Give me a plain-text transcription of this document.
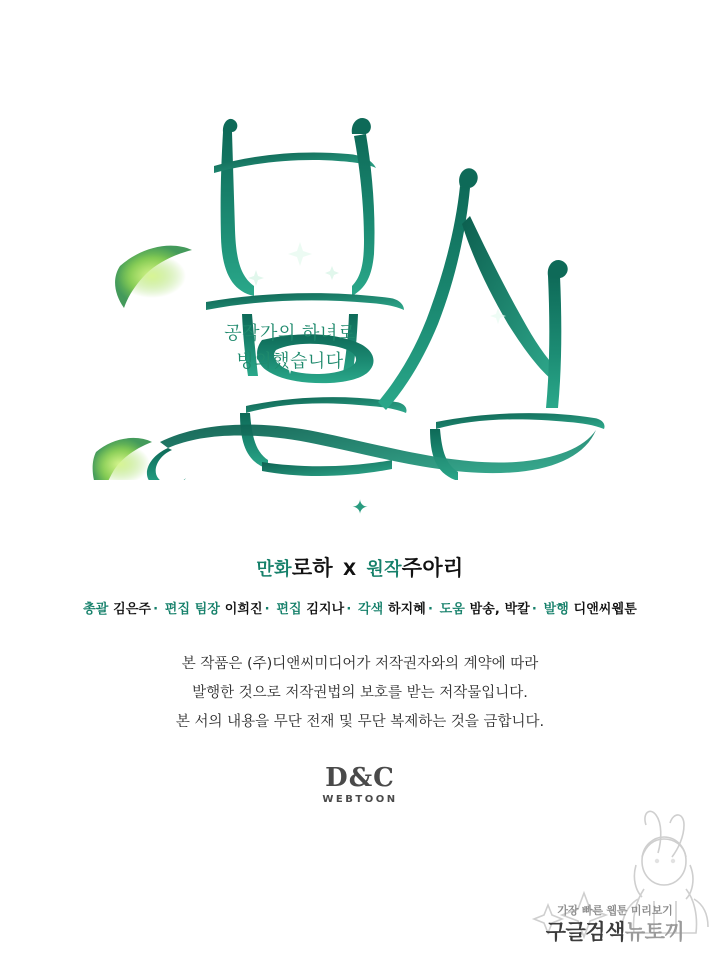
공작가의 하녀로
빙의했습니다
✦
만화로하 X 원작주아리
총괄 김은주 · 편집 팀장 이희진 · 편집 김지나 · 각색 하지혜 · 도움 밤송, 박칼 · 발행 디앤씨웹툰
본 작품은 (주)디앤씨미디어가 저작권자와의 계약에 따라
발행한 것으로 저작권법의 보호를 받는 저작물입니다.
본 서의 내용을 무단 전재 및 무단 복제하는 것을 금합니다.
D&C
WEBTOON
가장 빠른 웹툰 미리보기
구글검색뉴토끼
